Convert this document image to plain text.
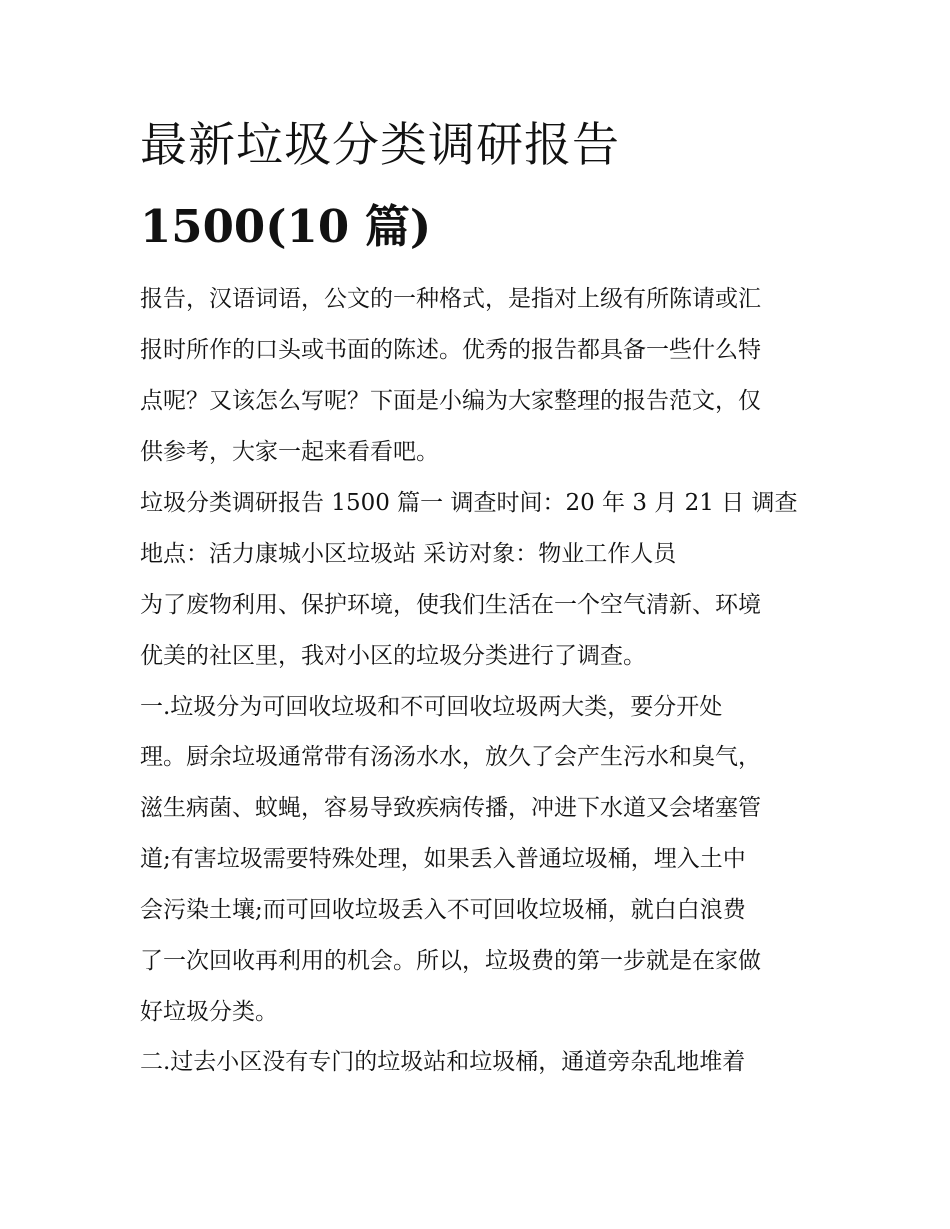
最新垃圾分类调研报告
1500(10 篇)
报告，汉语词语，公文的一种格式，是指对上级有所陈请或汇
报时所作的口头或书面的陈述。优秀的报告都具备一些什么特
点呢？又该怎么写呢？下面是小编为大家整理的报告范文，仅
供参考，大家一起来看看吧。
垃圾分类调研报告 1500 篇一 调查时间：20 年 3 月 21 日 调查
地点：活力康城小区垃圾站 采访对象：物业工作人员
为了废物利用、保护环境，使我们生活在一个空气清新、环境
优美的社区里，我对小区的垃圾分类进行了调查。
一.垃圾分为可回收垃圾和不可回收垃圾两大类，要分开处
理。厨余垃圾通常带有汤汤水水，放久了会产生污水和臭气，
滋生病菌、蚊蝇，容易导致疾病传播，冲进下水道又会堵塞管
道;有害垃圾需要特殊处理，如果丢入普通垃圾桶，埋入土中
会污染土壤;而可回收垃圾丢入不可回收垃圾桶，就白白浪费
了一次回收再利用的机会。所以，垃圾费的第一步就是在家做
好垃圾分类。
二.过去小区没有专门的垃圾站和垃圾桶，通道旁杂乱地堆着
